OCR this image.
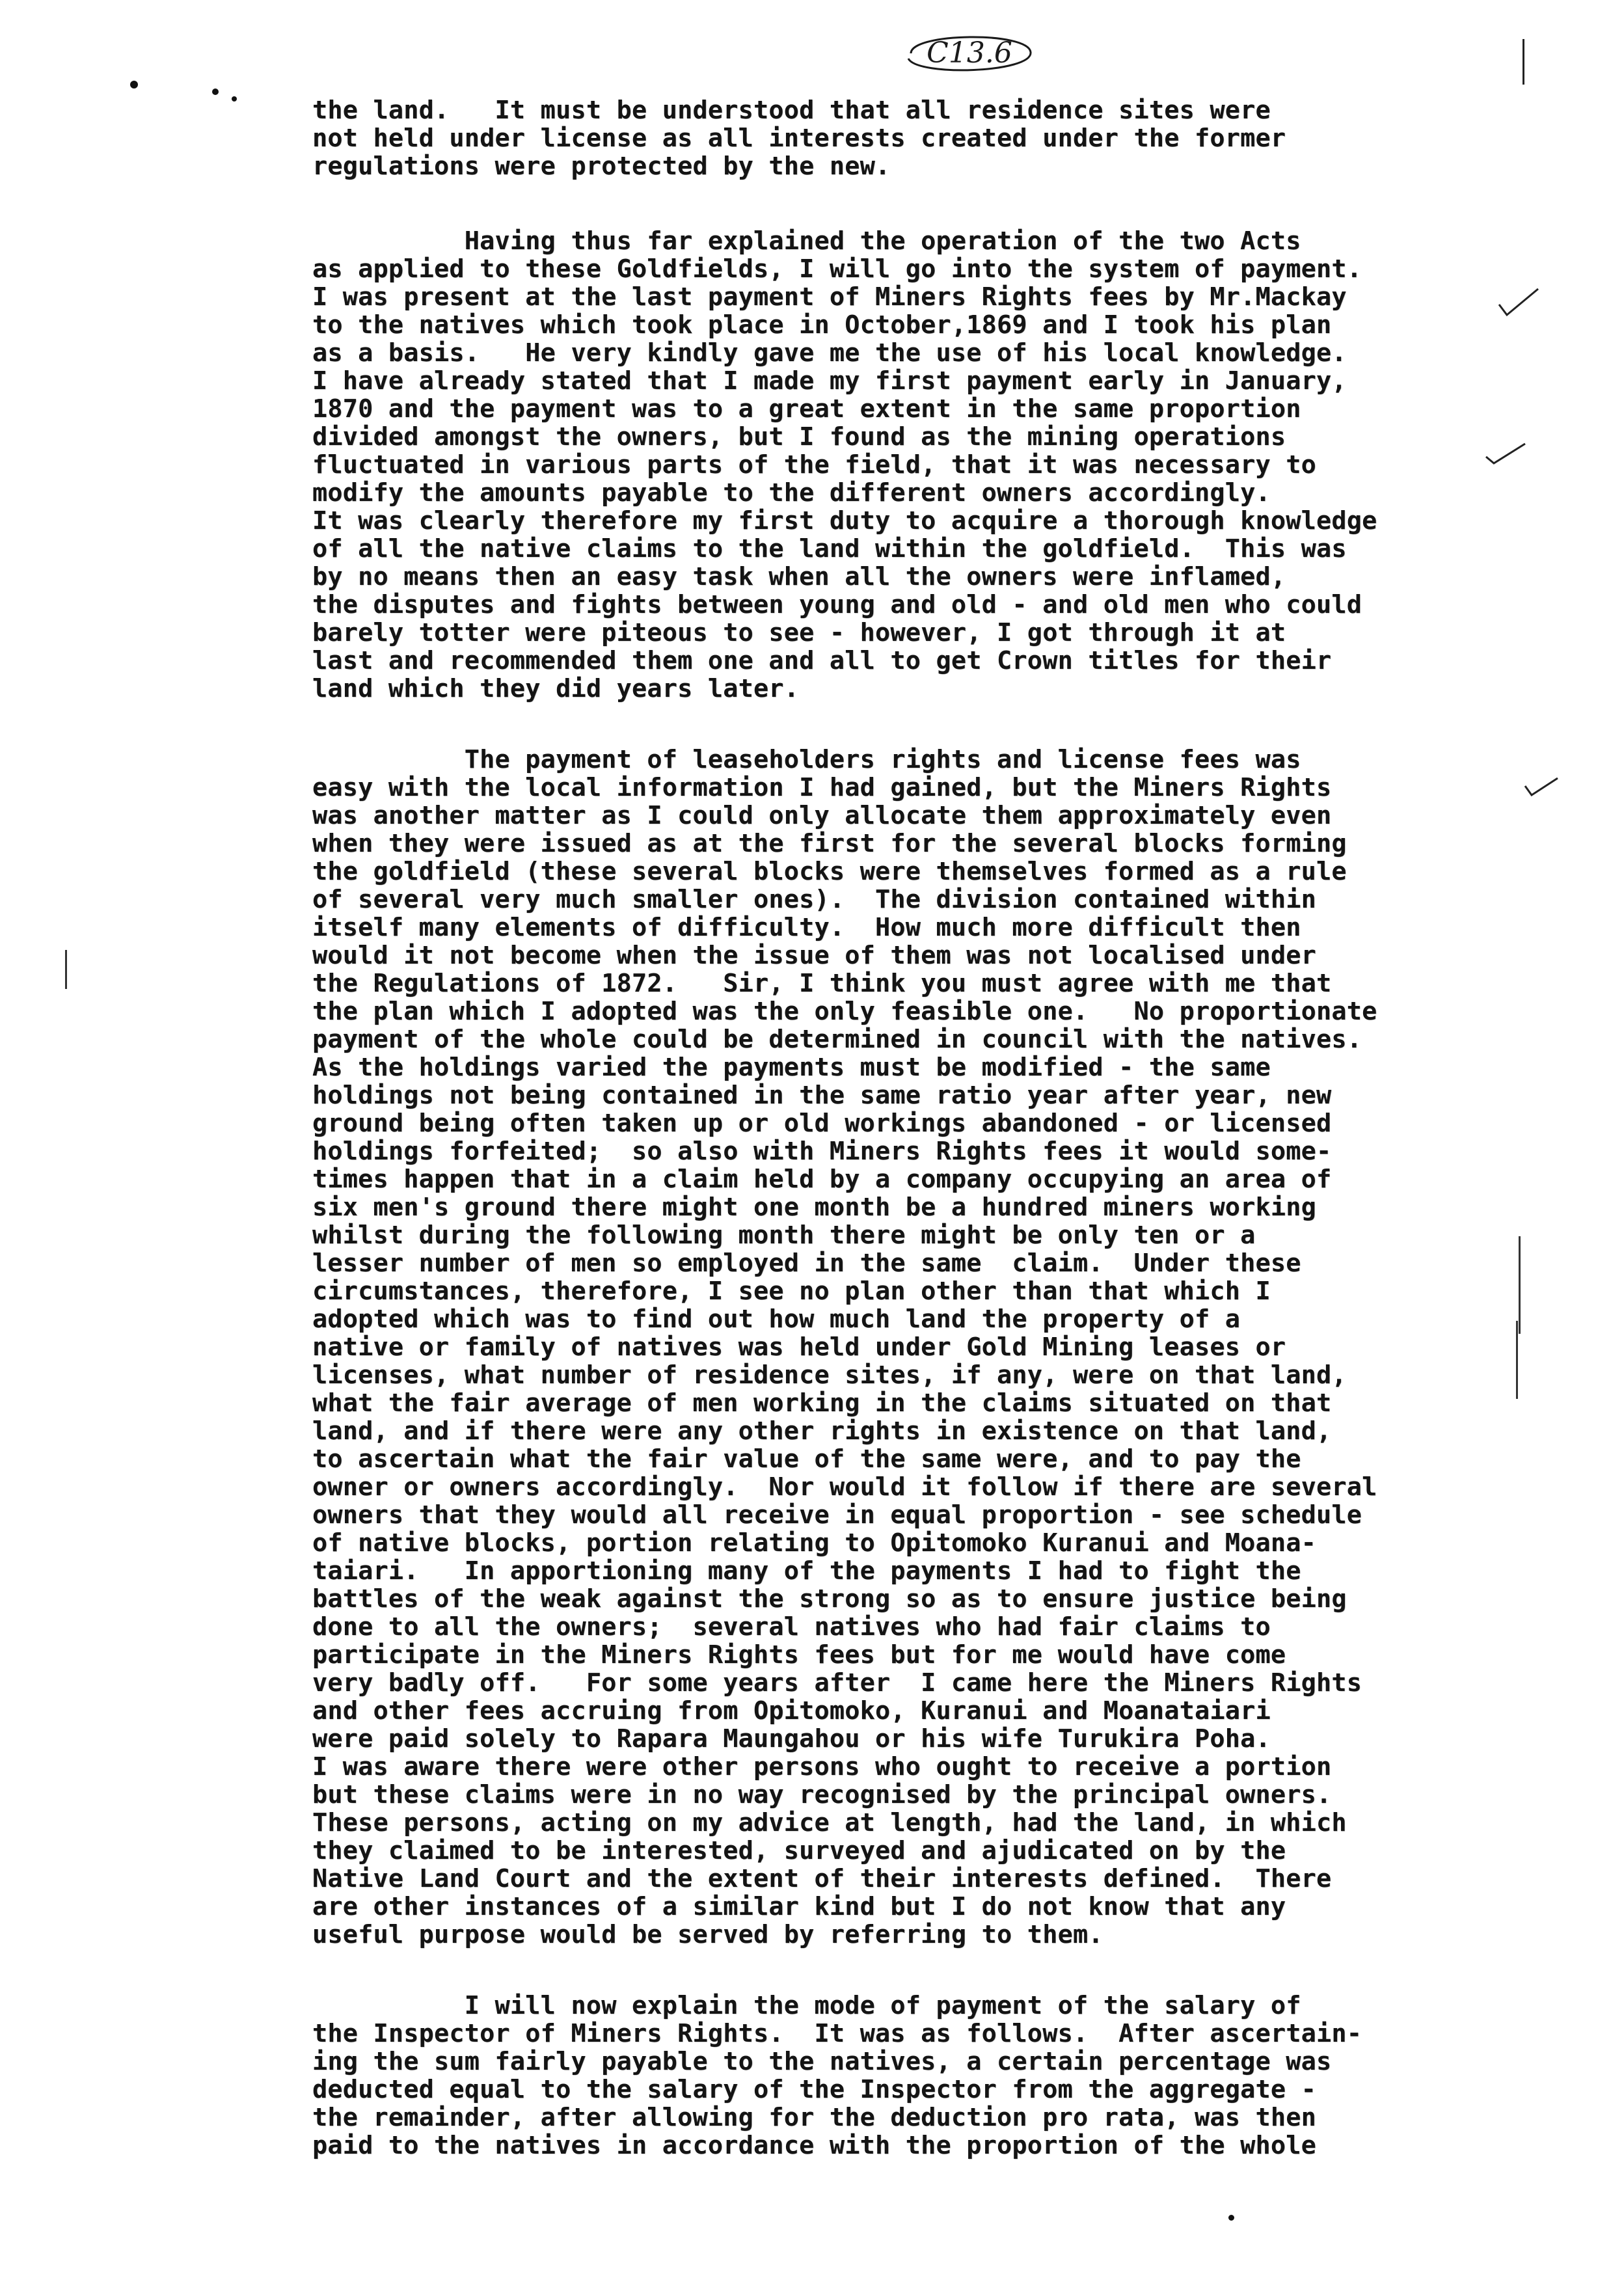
C13.6
the land.   It must be understood that all residence sites were
not held under license as all interests created under the former
regulations were protected by the new.
Having thus far explained the operation of the two Acts
as applied to these Goldfields, I will go into the system of payment.
I was present at the last payment of Miners Rights fees by Mr.Mackay
to the natives which took place in October,1869 and I took his plan
as a basis.   He very kindly gave me the use of his local knowledge.
I have already stated that I made my first payment early in January,
1870 and the payment was to a great extent in the same proportion
divided amongst the owners, but I found as the mining operations
fluctuated in various parts of the field, that it was necessary to
modify the amounts payable to the different owners accordingly.
It was clearly therefore my first duty to acquire a thorough knowledge
of all the native claims to the land within the goldfield.  This was
by no means then an easy task when all the owners were inflamed,
the disputes and fights between young and old - and old men who could
barely totter were piteous to see - however, I got through it at
last and recommended them one and all to get Crown titles for their
land which they did years later.
The payment of leaseholders rights and license fees was
easy with the local information I had gained, but the Miners Rights
was another matter as I could only allocate them approximately even
when they were issued as at the first for the several blocks forming
the goldfield (these several blocks were themselves formed as a rule
of several very much smaller ones).  The division contained within
itself many elements of difficulty.  How much more difficult then
would it not become when the issue of them was not localised under
the Regulations of 1872.   Sir, I think you must agree with me that
the plan which I adopted was the only feasible one.   No proportionate
payment of the whole could be determined in council with the natives.
As the holdings varied the payments must be modified - the same
holdings not being contained in the same ratio year after year, new
ground being often taken up or old workings abandoned - or licensed
holdings forfeited;  so also with Miners Rights fees it would some-
times happen that in a claim held by a company occupying an area of
six men's ground there might one month be a hundred miners working
whilst during the following month there might be only ten or a
lesser number of men so employed in the same  claim.  Under these
circumstances, therefore, I see no plan other than that which I
adopted which was to find out how much land the property of a
native or family of natives was held under Gold Mining leases or
licenses, what number of residence sites, if any, were on that land,
what the fair average of men working in the claims situated on that
land, and if there were any other rights in existence on that land,
to ascertain what the fair value of the same were, and to pay the
owner or owners accordingly.  Nor would it follow if there are several
owners that they would all receive in equal proportion - see schedule
of native blocks, portion relating to Opitomoko Kuranui and Moana-
taiari.   In apportioning many of the payments I had to fight the
battles of the weak against the strong so as to ensure justice being
done to all the owners;  several natives who had fair claims to
participate in the Miners Rights fees but for me would have come
very badly off.   For some years after  I came here the Miners Rights
and other fees accruing from Opitomoko, Kuranui and Moanataiari
were paid solely to Rapara Maungahou or his wife Turukira Poha.
I was aware there were other persons who ought to receive a portion
but these claims were in no way recognised by the principal owners.
These persons, acting on my advice at length, had the land, in which
they claimed to be interested, surveyed and ajudicated on by the
Native Land Court and the extent of their interests defined.  There
are other instances of a similar kind but I do not know that any
useful purpose would be served by referring to them.
I will now explain the mode of payment of the salary of
the Inspector of Miners Rights.  It was as follows.  After ascertain-
ing the sum fairly payable to the natives, a certain percentage was
deducted equal to the salary of the Inspector from the aggregate -
the remainder, after allowing for the deduction pro rata, was then
paid to the natives in accordance with the proportion of the whole
